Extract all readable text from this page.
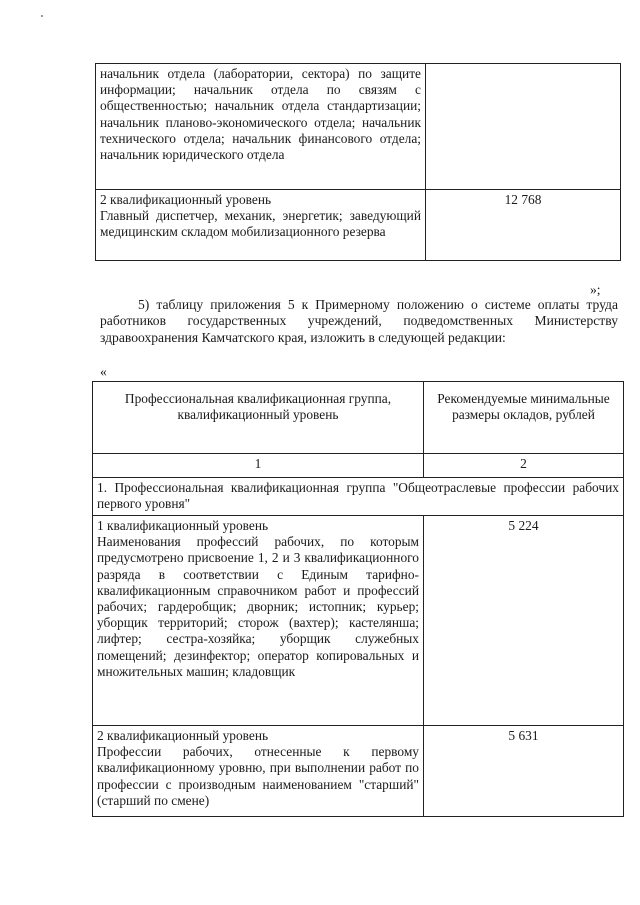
начальник отдела (лаборатории, сектора) по защите информации; начальник отдела по связям с общественностью; начальник отдела стандартизации; начальник планово-экономического отдела; начальник технического отдела; начальник финансового отдела; начальник юридического отдела	

2 квалификационный уровень
Главный диспетчер, механик, энергетик; заведующий медицинским складом мобилизационного резерва	12 768
»;
5) таблицу приложения 5 к Примерному положению о системе оплаты труда работников государственных учреждений, подведомственных Министерству здравоохранения Камчатского края, изложить в следующей редакции:
«
Профессиональная квалификационная группа, квалификационный уровень	Рекомендуемые минимальные размеры окладов, рублей
1	2
1. Профессиональная квалификационная группа "Общеотраслевые профессии рабочих первого уровня"	

1 квалификационный уровень
Наименования профессий рабочих, по которым предусмотрено присвоение 1, 2 и 3 квалификационного разряда в соответствии с Единым тарифно-квалификационным справочником работ и профессий рабочих; гардеробщик; дворник; истопник; курьер; уборщик территорий; сторож (вахтер); кастелянша; лифтер; сестра-хозяйка; уборщик служебных помещений; дезинфектор; оператор копировальных и множительных машин; кладовщик	5 224

2 квалификационный уровень
Профессии рабочих, отнесенные к первому квалификационному уровню, при выполнении работ по профессии с производным наименованием "старший" (старший по смене)	5 631
